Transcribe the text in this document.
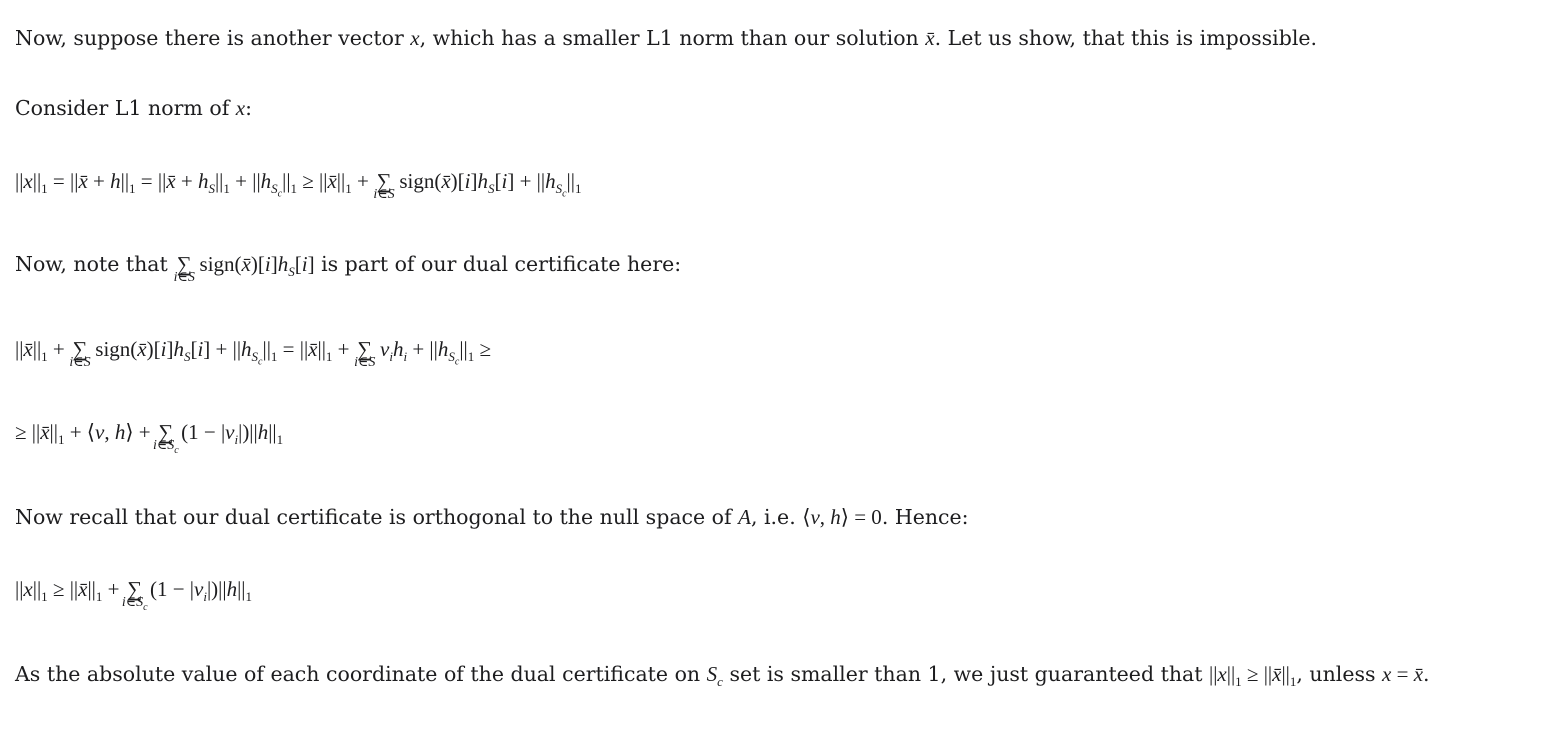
Now, suppose there is another vector x, which has a smaller L1 norm than our solution x̄. Let us show, that this is impossible.
Consider L1 norm of x:
$||x||_1$ = ||x̄ + $h||_1$ = ||x̄ + $h_S||_1 + ||h_{S_c}||_1$ ≥ $||x̄||_1$ + ∑
i∈S
$sign(x̄)[i]h_S[i] + ||h_{S_c}||_1$
Now, note that ∑
i∈S
$sign(x̄)[i]h_S[i]$ is part of our dual certificate here:
$||x̄||_1$ + ∑
i∈S
$sign(x̄)[i]h_S[i] + ||h_{S_c}||_1$ = $||x̄||_1$ + ∑
i∈S
$v_ih_i + ||h_{S_c}||_1$ ≥
≥ $||x̄||_1$ + ⟨v, h⟩ + ∑
$i\in S_c$
$(1 - |v_i|)||h||_1$
Now recall that our dual certificate is orthogonal to the null space of A, i.e. ⟨v, h⟩ = 0. Hence:
$||x||_1$ ≥ $||x̄||_1$ + ∑
$i\in S_c$
$(1 - |v_i|)||h||_1$
As the absolute value of each coordinate of the dual certificate on $S_c$ set is smaller than 1, we just guaranteed that $||x||_1$ ≥ $||x̄||_1$, unless x = x̄.
